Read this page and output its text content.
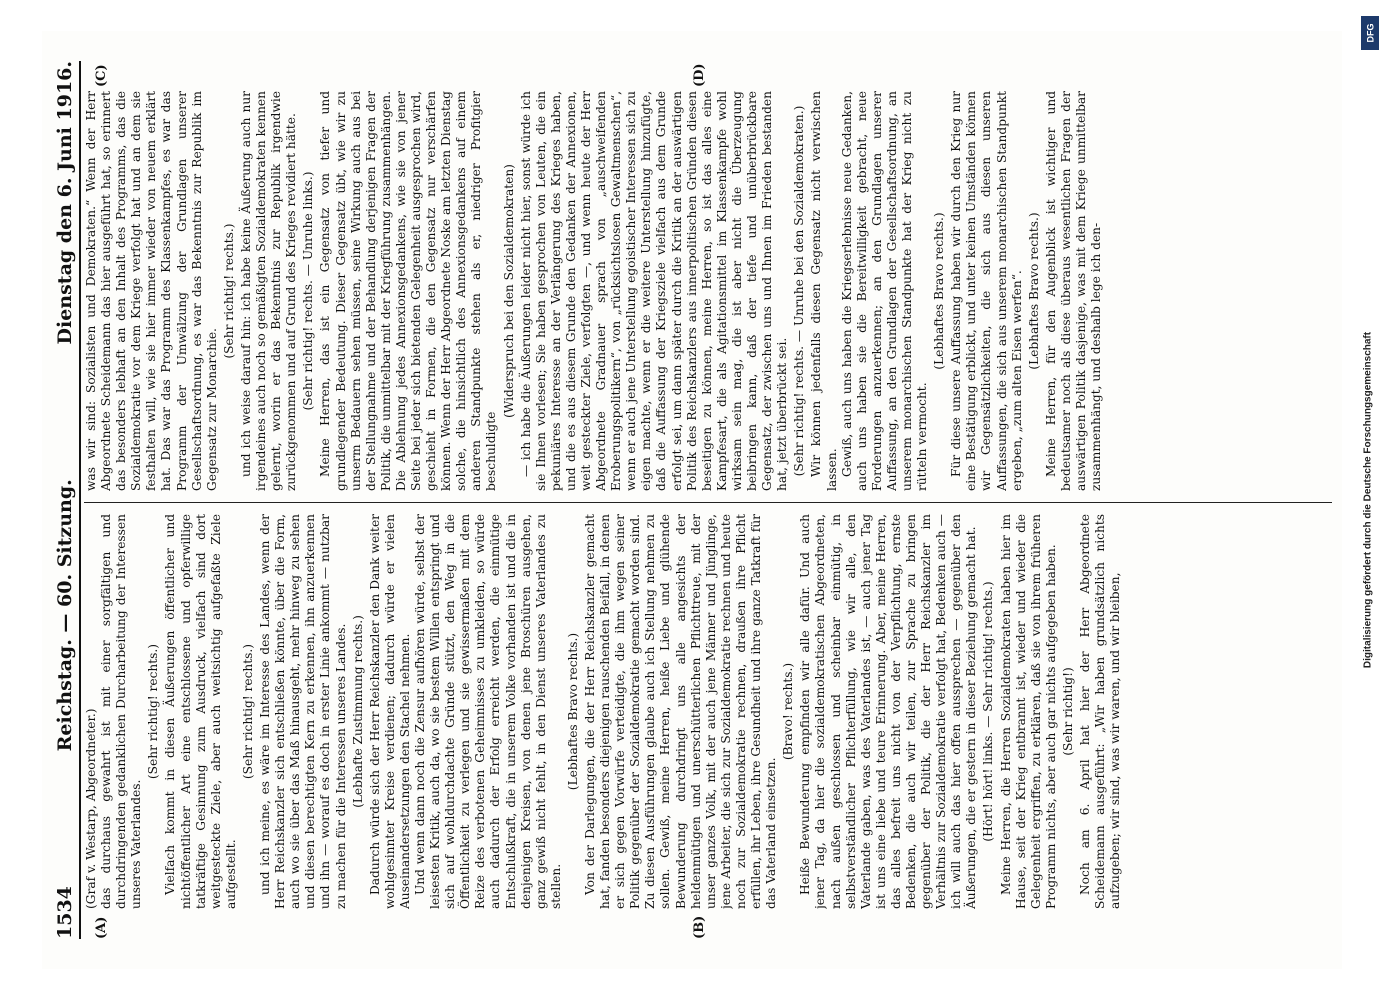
1534
Reichstag. — 60. Sitzung.
Dienstag den 6. Juni 1916.
(A)	(B)
(C)	(D)

(Graf v. Westarp, Abgeordneter.) das durchaus gewahrt ist mit einer sorgfältigen und durchdringenden gedanklichen Durcharbeitung der Interessen unseres Vaterlandes.

(Sehr richtig! rechts.) Vielfach kommt in diesen Äußerungen öffentlicher und nichtöffentlicher Art eine entschlossene und opferwillige tatkräftige Gesinnung zum Ausdruck, vielfach sind dort weitgesteckte Ziele, aber auch weitsichtig aufgefaßte Ziele aufgestellt.

(Sehr richtig! rechts.) und ich meine, es wäre im Interesse des Landes, wenn der Herr Reichskanzler sich entschließen könnte, über die Form, auch wo sie über das Maß hinausgeht, mehr hinweg zu sehen und diesen berechtigten Kern zu erkennen, ihn anzuerkennen und ihn — worauf es doch in erster Linie ankommt — nutzbar zu machen für die Interessen unseres Landes. (Lebhafte Zustimmung rechts.) Dadurch würde sich der Herr Reichskanzler den Dank weiter wohlgesinnter Kreise verdienen; dadurch würde er vielen Auseinandersetzungen den Stachel nehmen. Und wenn dann noch die Zensur aufhören würde, selbst der leisesten Kritik, auch da, wo sie bestem Willen entspringt und sich auf wohldurchdachte Gründe stützt, den Weg in die Öffentlichkeit zu verlegen und sie gewissermaßen mit dem Reize des verbotenen Geheimnisses zu umkleiden, so würde auch dadurch der Erfolg erreicht werden, die einmütige Entschlußkraft, die in unserem Volke vorhanden ist und die in denjenigen Kreisen, von denen jene Broschüren ausgehen, ganz gewiß nicht fehlt, in den Dienst unseres Vaterlandes zu stellen.

(Lebhaftes Bravo rechts.) Von der Darlegungen, die der Herr Reichskanzler gemacht hat, fanden besonders diejenigen rauschenden Beifall, in denen er sich gegen Vorwürfe verteidigte, die ihm wegen seiner Politik gegenüber der Sozialdemokratie gemacht worden sind. Zu diesen Ausführungen glaube auch ich Stellung nehmen zu sollen. Gewiß, meine Herren, heiße Liebe und glühende Bewunderung durchdringt uns alle angesichts der heldenmütigen und unerschütterlichen Pflichttreue, mit der unser ganzes Volk, mit der auch jene Männer und Jünglinge, jene Arbeiter, die sich zur Sozialdemokratie rechnen und heute noch zur Sozialdemokratie rechnen, draußen ihre Pflicht erfüllen, ihr Leben, ihre Gesundheit und ihre ganze Tatkraft für das Vaterland einsetzen.

(Bravo! rechts.) Heiße Bewunderung empfinden wir alle dafür. Und auch jener Tag, da hier die sozialdemokratischen Abgeordneten, nach außen geschlossen und scheinbar einmütig, in selbstverständlicher Pflichterfüllung, wie wir alle, den Vaterlande gaben, was des Vaterlandes ist, — auch jener Tag ist uns eine liebe und teure Erinnerung. Aber, meine Herren, das alles befreit uns nicht von der Verpflichtung, ernste Bedenken, die auch wir teilen, zur Sprache zu bringen gegenüber der Politik, die der Herr Reichskanzler im Verhältnis zur Sozialdemokratie verfolgt hat, Bedenken auch — ich will auch das hier offen aussprechen — gegenüber den Äußerungen, die er gestern in dieser Beziehung gemacht hat. (Hört! hört! links. — Sehr richtig! rechts.) Meine Herren, die Herren Sozialdemokraten haben hier im Hause, seit der Krieg entbrannt ist, wieder und wieder die Gelegenheit ergriffen, zu erklären, daß sie von ihrem früheren Programm nichts, aber auch gar nichts aufgegeben haben. (Sehr richtig!) Noch am 6. April hat hier der Herr Abgeordnete Scheidemann ausgeführt: „Wir haben grundsätzlich nichts aufzugeben; wir sind, was wir waren, und wir bleiben,

was wir sind: Sozialisten und Demokraten.“ Wenn der Herr Abgeordnete Scheidemann das hier ausgeführt hat, so erinnert das besonders lebhaft an den Inhalt des Programms, das die Sozialdemokratie vor dem Kriege verfolgt hat und an dem sie festhalten will, wie sie hier immer wieder von neuem erklärt hat. Das war das Programm des Klassenkampfes, es war das Programm der Umwälzung der Grundlagen unserer Gesellschaftsordnung, es war das Bekenntnis zur Republik im Gegensatz zur Monarchie.

(Sehr richtig! rechts.) und ich weise darauf hin: ich habe keine Äußerung auch nur irgendeines auch noch so gemäßigten Sozialdemokraten kennen gelernt, worin er das Bekenntnis zur Republik irgendwie zurückgenommen und auf Grund des Krieges revidiert hätte. (Sehr richtig! rechts. — Unruhe links.) Meine Herren, das ist ein Gegensatz von tiefer und grundlegender Bedeutung. Dieser Gegensatz übt, wie wir zu unserm Bedauern sehen müssen, seine Wirkung auch aus bei der Stellungnahme und der Behandlung derjenigen Fragen der Politik, die unmittelbar mit der Kriegführung zusammenhängen. Die Ablehnung jedes Annexionsgedankens, wie sie von jener Seite bei jeder sich bietenden Gelegenheit ausgesprochen wird, geschieht in Formen, die den Gegensatz nur verschärfen können. Wenn der Herr Abgeordnete Noske am letzten Dienstag solche, die hinsichtlich des Annexionsgedankens auf einem anderen Standpunkte stehen als er, niedriger Profitgier beschuldigte

(Widerspruch bei den Sozialdemokraten) — ich habe die Äußerungen leider nicht hier, sonst würde ich sie Ihnen vorlesen; Sie haben gesprochen von Leuten, die ein pekuniäres Interesse an der Verlängerung des Krieges haben, und die es aus diesem Grunde den Gedanken der Annexionen, weit gesteckter Ziele, verfolgten —, und wenn heute der Herr Abgeordnete Gradnauer sprach von „auschweifenden Eroberungspolitikern“, von „rücksichtslosen Gewaltmenschen“, wenn er auch jene Unterstellung egoistischer Interessen sich zu eigen machte, wenn er die weitere Unterstellung hinzufügte, daß die Auffassung der Kriegsziele vielfach aus dem Grunde erfolgt sei, um dann später durch die Kritik an der auswärtigen Politik des Reichskanzlers aus innerpolitischen Gründen diesen beseitigen zu können, meine Herren, so ist das alles eine Kampfesart, die als Agitationsmittel im Klassenkampfe wohl wirksam sein mag, die ist aber nicht die Überzeugung beibringen kann, daß der tiefe und unüberbrückbare Gegensatz, der zwischen uns und Ihnen im Frieden bestanden hat, jetzt überbrückt sei. (Sehr richtig! rechts. — Unruhe bei den Sozialdemokraten.) Wir können jedenfalls diesen Gegensatz nicht verwischen lassen. Gewiß, auch uns haben die Kriegserlebnisse neue Gedanken, auch uns haben sie die Bereitwilligkeit gebracht, neue Forderungen anzuerkennen; an den Grundlagen unserer Auffassung, an den Grundlagen der Gesellschaftsordnung, an unserem monarchischen Standpunkte hat der Krieg nicht zu rütteln vermocht.

(Lebhaftes Bravo rechts.) Für diese unsere Auffassung haben wir durch den Krieg nur eine Bestätigung erblickt, und unter keinen Umständen können wir Gegensätzlichkeiten, die sich aus diesen unseren Auffassungen, die sich aus unserem monarchischen Standpunkt ergeben, „zum alten Eisen werfen“. (Lebhaftes Bravo rechts.) Meine Herren, für den Augenblick ist wichtiger und bedeutsamer noch als diese überaus wesentlichen Fragen der auswärtigen Politik dasjenige, was mit dem Kriege unmittelbar zusammenhängt, und deshalb lege ich den-

DFG
Digitalisierung gefördert durch die Deutsche Forschungsgemeinschaft
